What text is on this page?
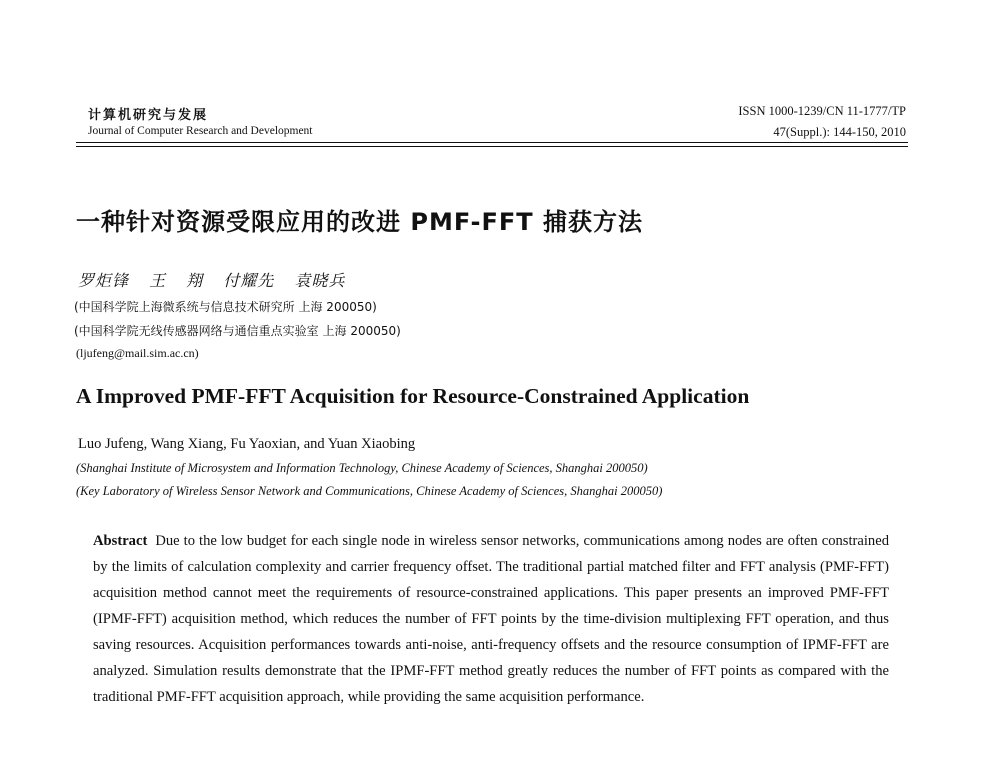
计算机研究与发展
Journal of Computer Research and Development
ISSN 1000-1239/CN 11-1777/TP
47(Suppl.): 144-150, 2010
一种针对资源受限应用的改进 PMF-FFT 捕获方法
罗炬锋 王 翔 付耀先 袁晓兵
(中国科学院上海微系统与信息技术研究所 上海 200050)
(中国科学院无线传感器网络与通信重点实验室 上海 200050)
(ljufeng@mail.sim.ac.cn)
A Improved PMF-FFT Acquisition for Resource-Constrained Application
Luo Jufeng, Wang Xiang, Fu Yaoxian, and Yuan Xiaobing
(Shanghai Institute of Microsystem and Information Technology, Chinese Academy of Sciences, Shanghai 200050)
(Key Laboratory of Wireless Sensor Network and Communications, Chinese Academy of Sciences, Shanghai 200050)
Abstract Due to the low budget for each single node in wireless sensor networks, communications among nodes are often constrained by the limits of calculation complexity and carrier frequency offset. The traditional partial matched filter and FFT analysis (PMF-FFT) acquisition method cannot meet the requirements of resource-constrained applications. This paper presents an improved PMF-FFT (IPMF-FFT) acquisition method, which reduces the number of FFT points by the time-division multiplexing FFT operation, and thus saving resources. Acquisition performances towards anti-noise, anti-frequency offsets and the resource consumption of IPMF-FFT are analyzed. Simulation results demonstrate that the IPMF-FFT method greatly reduces the number of FFT points as compared with the traditional PMF-FFT acquisition approach, while providing the same acquisition performance.
